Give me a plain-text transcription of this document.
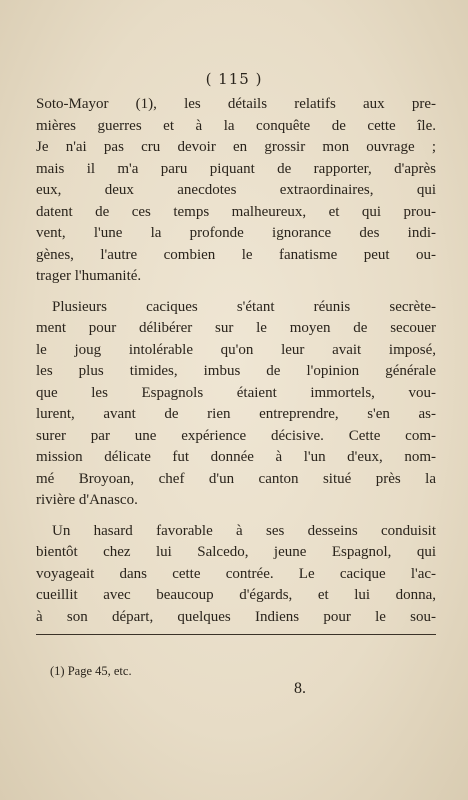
( 115 )
Soto-Mayor (1), les détails relatifs aux pre-
mières guerres et à la conquête de cette île.
Je n'ai pas cru devoir en grossir mon ouvrage ;
mais il m'a paru piquant de rapporter, d'après
eux, deux anecdotes extraordinaires, qui
datent de ces temps malheureux, et qui prou-
vent, l'une la profonde ignorance des indi-
gènes, l'autre combien le fanatisme peut ou-
trager l'humanité.
Plusieurs caciques s'étant réunis secrète-
ment pour délibérer sur le moyen de secouer
le joug intolérable qu'on leur avait imposé,
les plus timides, imbus de l'opinion générale
que les Espagnols étaient immortels, vou-
lurent, avant de rien entreprendre, s'en as-
surer par une expérience décisive. Cette com-
mission délicate fut donnée à l'un d'eux, nom-
mé Broyoan, chef d'un canton situé près la
rivière d'Anasco.
Un hasard favorable à ses desseins conduisit
bientôt chez lui Salcedo, jeune Espagnol, qui
voyageait dans cette contrée. Le cacique l'ac-
cueillit avec beaucoup d'égards, et lui donna,
à son départ, quelques Indiens pour le sou-
(1) Page 45, etc.
8.
